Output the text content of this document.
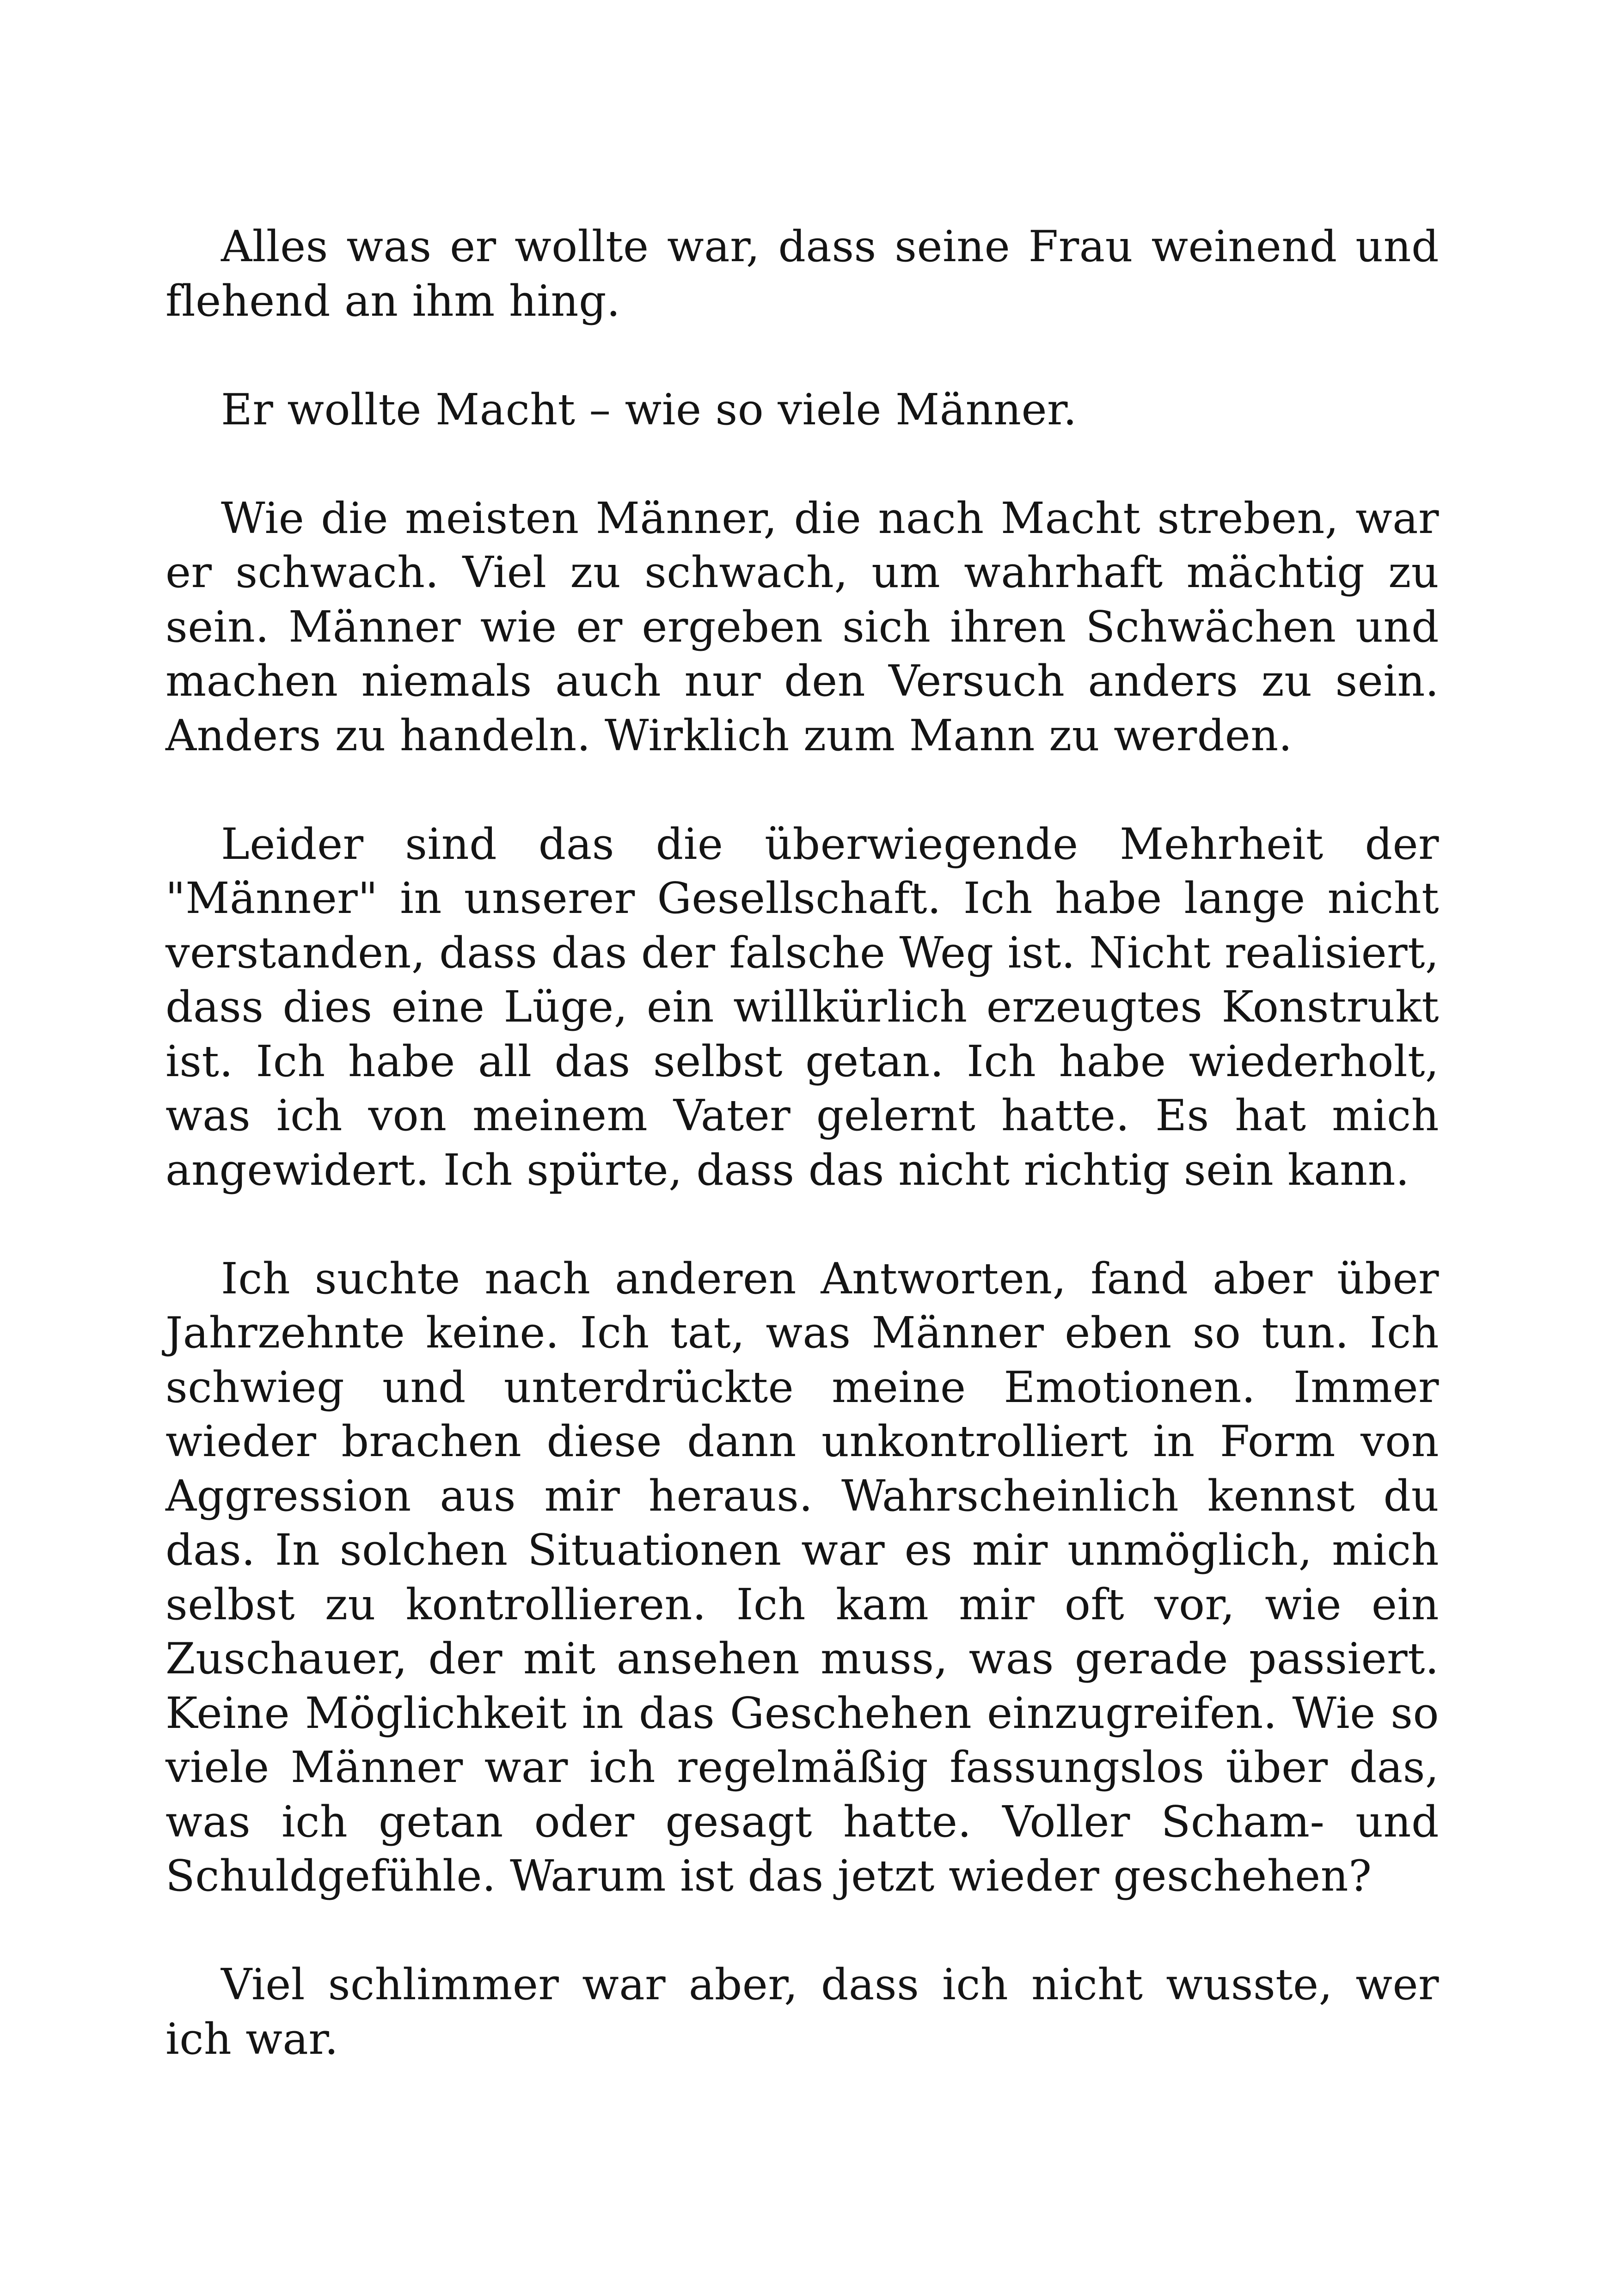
Alles was er wollte war, dass seine Frau weinend und flehend an ihm hing.

Er wollte Macht – wie so viele Männer.

Wie die meisten Männer, die nach Macht streben, war er schwach. Viel zu schwach, um wahrhaft mächtig zu sein. Männer wie er ergeben sich ihren Schwächen und machen niemals auch nur den Versuch anders zu sein. Anders zu handeln. Wirklich zum Mann zu werden.

Leider sind das die überwiegende Mehrheit der "Männer" in unserer Gesellschaft. Ich habe lange nicht verstanden, dass das der falsche Weg ist. Nicht realisiert, dass dies eine Lüge, ein willkürlich erzeugtes Konstrukt ist. Ich habe all das selbst getan. Ich habe wiederholt, was ich von meinem Vater gelernt hatte. Es hat mich angewidert. Ich spürte, dass das nicht richtig sein kann.

Ich suchte nach anderen Antworten, fand aber über Jahrzehnte keine. Ich tat, was Männer eben so tun. Ich schwieg und unterdrückte meine Emotionen. Immer wieder brachen diese dann unkontrolliert in Form von Aggression aus mir heraus. Wahrscheinlich kennst du das. In solchen Situationen war es mir unmöglich, mich selbst zu kontrollieren. Ich kam mir oft vor, wie ein Zuschauer, der mit ansehen muss, was gerade passiert. Keine Möglichkeit in das Geschehen einzugreifen. Wie so viele Männer war ich regelmäßig fassungslos über das, was ich getan oder gesagt hatte. Voller Scham- und Schuldgefühle. Warum ist das jetzt wieder geschehen?

Viel schlimmer war aber, dass ich nicht wusste, wer ich war.
